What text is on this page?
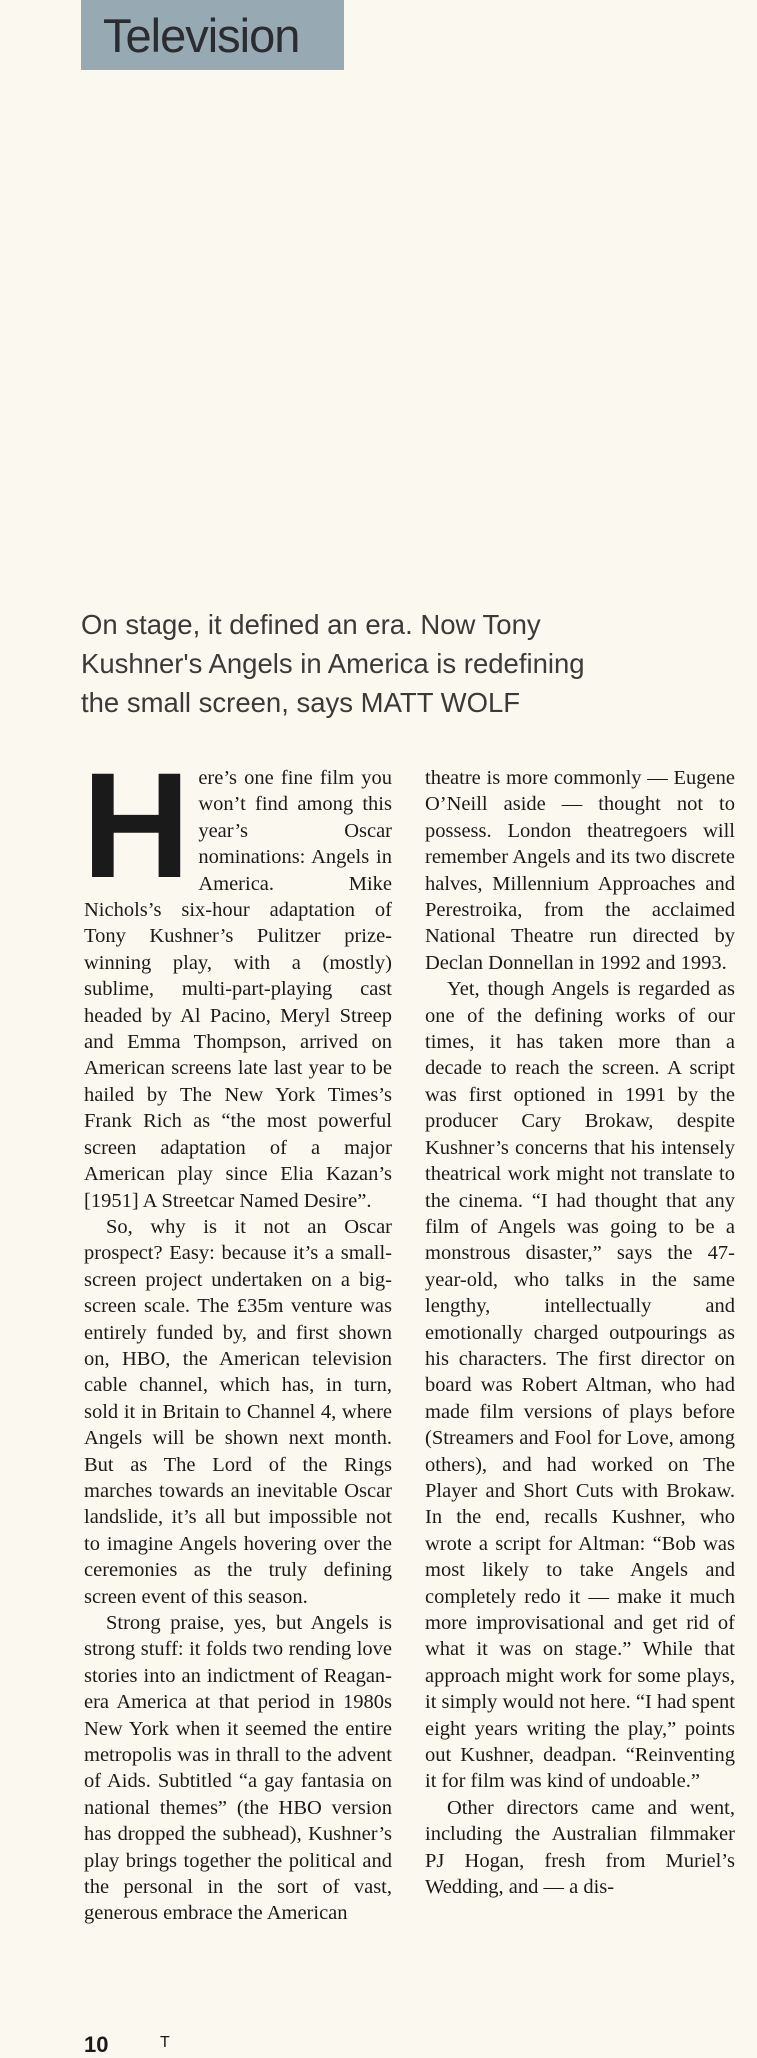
Television

On stage, it defined an era. Now Tony

Kushner's Angels in America is redefining

the small screen, says MATT WOLF

Here’s one fine film you won’t find among this year’s Oscar nominations: Angels in America. Mike Nichols’s six-hour adaptation of Tony Kushner’s Pulitzer prize-winning play, with a (mostly) sublime, multi-part-playing cast headed by Al Pacino, Meryl Streep and Emma Thompson, arrived on American screens late last year to be hailed by The New York Times’s Frank Rich as “the most powerful screen adaptation of a major American play since Elia Kazan’s [1951] A Streetcar Named Desire”.

So, why is it not an Oscar prospect? Easy: because it’s a small-screen project undertaken on a big-screen scale. The £35m venture was entirely funded by, and first shown on, HBO, the American television cable channel, which has, in turn, sold it in Britain to Channel 4, where Angels will be shown next month. But as The Lord of the Rings marches towards an inevitable Oscar landslide, it’s all but impossible not to imagine Angels hovering over the ceremonies as the truly defining screen event of this season.

Strong praise, yes, but Angels is strong stuff: it folds two rending love stories into an indictment of Reagan-era America at that period in 1980s New York when it seemed the entire metropolis was in thrall to the advent of Aids. Subtitled “a gay fantasia on national themes” (the HBO version has dropped the subhead), Kushner’s play brings together the political and the personal in the sort of vast, generous embrace the American

theatre is more commonly — Eugene O’Neill aside — thought not to possess. London theatregoers will remember Angels and its two discrete halves, Millennium Approaches and Perestroika, from the acclaimed National Theatre run directed by Declan Donnellan in 1992 and 1993.

Yet, though Angels is regarded as one of the defining works of our times, it has taken more than a decade to reach the screen. A script was first optioned in 1991 by the producer Cary Brokaw, despite Kushner’s concerns that his intensely theatrical work might not translate to the cinema. “I had thought that any film of Angels was going to be a monstrous disaster,” says the 47-year-old, who talks in the same lengthy, intellectually and emotionally charged outpourings as his characters. The first director on board was Robert Altman, who had made film versions of plays before (Streamers and Fool for Love, among others), and had worked on The Player and Short Cuts with Brokaw. In the end, recalls Kushner, who wrote a script for Altman: “Bob was most likely to take Angels and completely redo it — make it much more improvisational and get rid of what it was on stage.” While that approach might work for some plays, it simply would not here. “I had spent eight years writing the play,” points out Kushner, deadpan. “Reinventing it for film was kind of undoable.”

Other directors came and went, including the Australian filmmaker PJ Hogan, fresh from Muriel’s Wedding, and — a dis-

10	T
